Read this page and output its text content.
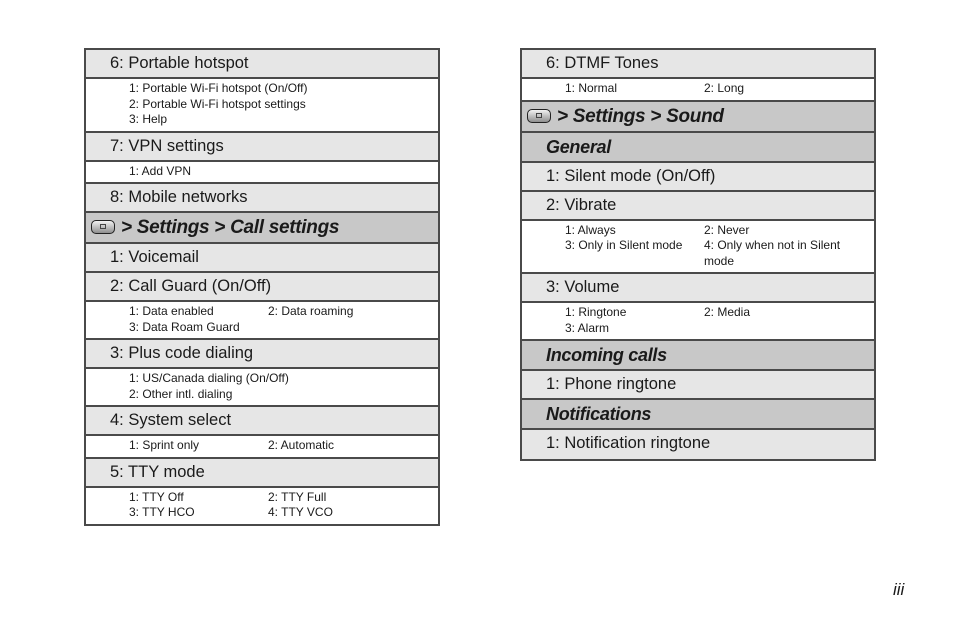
6: Portable hotspot
1: Portable Wi-Fi hotspot (On/Off)
2: Portable Wi-Fi hotspot settings
3: Help
7: VPN settings
1: Add VPN
8: Mobile networks
> Settings > Call settings
1: Voicemail
2: Call Guard (On/Off)
1: Data enabled	2: Data roaming
3: Data Roam Guard
3: Plus code dialing
1: US/Canada dialing (On/Off)
2: Other intl. dialing
4: System select
1: Sprint only	2: Automatic
5: TTY mode
1: TTY Off	2: TTY Full
3: TTY HCO	4: TTY VCO
6: DTMF Tones
1: Normal	2: Long
> Settings > Sound
General
1: Silent mode (On/Off)
2: Vibrate
1: Always	2: Never
3: Only in Silent mode	4: Only when not in Silent mode
3: Volume
1: Ringtone	2: Media
3: Alarm
Incoming calls
1: Phone ringtone
Notifications
1: Notification ringtone
iii
